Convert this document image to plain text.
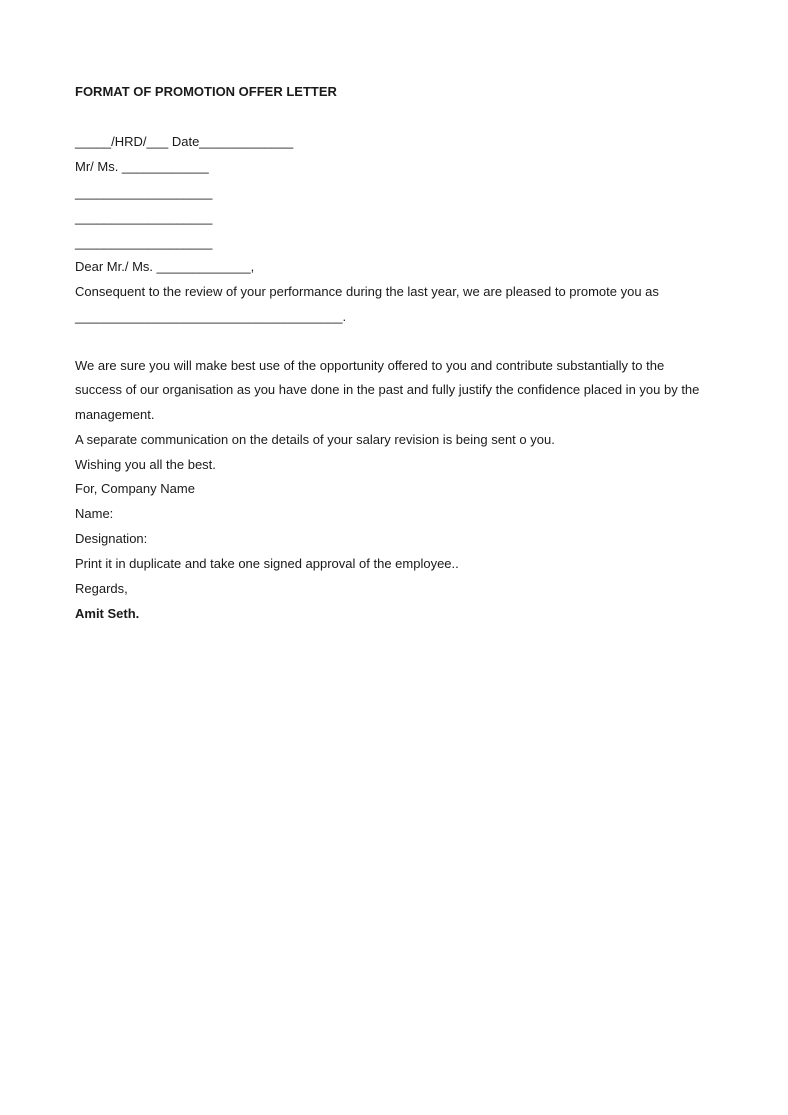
FORMAT OF PROMOTION OFFER LETTER
_____/HRD/___ Date_____________
Mr/ Ms. ____________
___________________
___________________
___________________
Dear Mr./ Ms. _____________,
Consequent to the review of your performance during the last year, we are pleased to promote you as
_____________________________________.
We are sure you will make best use of the opportunity offered to you and contribute substantially to the
success of our organisation as you have done in the past and fully justify the confidence placed in you by the
management.
A separate communication on the details of your salary revision is being sent o you.
Wishing you all the best.
For, Company Name
Name:
Designation:
Print it in duplicate and take one signed approval of the employee..
Regards,
Amit Seth.
